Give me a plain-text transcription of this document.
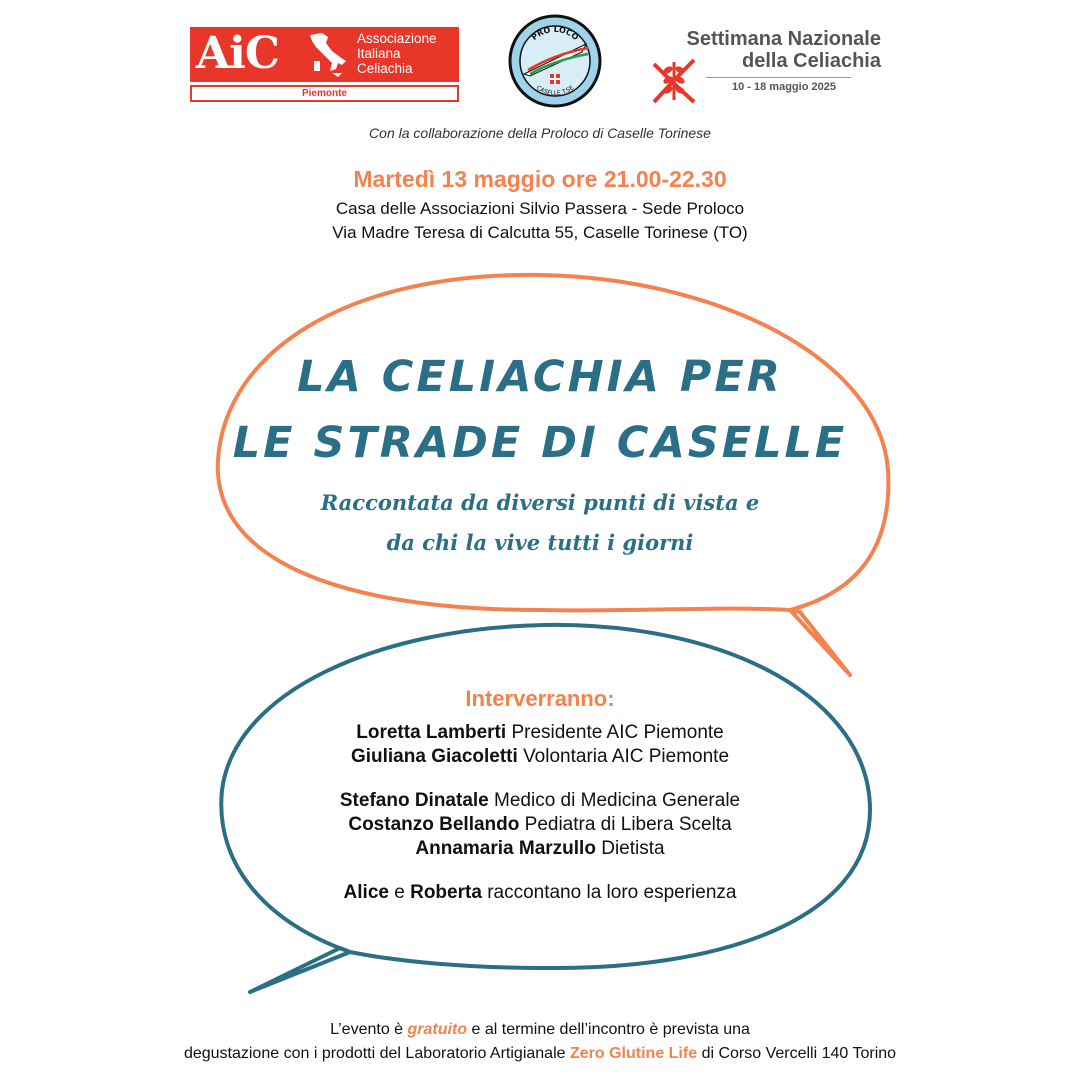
AiC	Associazione
Italiana
Celiachia
Piemonte
PRO LOCO
CASELLE T.SE
Settimana Nazionale
della Celiachia
10 - 18 maggio 2025
Con la collaborazione della Proloco di Caselle Torinese
Martedì 13 maggio ore 21.00-22.30
Casa delle Associazioni Silvio Passera - Sede Proloco
Via Madre Teresa di Calcutta 55, Caselle Torinese (TO)
LA CELIACHIA PER
LE STRADE DI CASELLE
Raccontata da diversi punti di vista e
da chi la vive tutti i giorni
Interverranno:
Loretta Lamberti Presidente AIC Piemonte
Giuliana Giacoletti Volontaria AIC Piemonte
Stefano Dinatale Medico di Medicina Generale
Costanzo Bellando Pediatra di Libera Scelta
Annamaria Marzullo Dietista
Alice e Roberta raccontano la loro esperienza
L’evento è gratuito e al termine dell’incontro è prevista una
degustazione con i prodotti del Laboratorio Artigianale Zero Glutine Life di Corso Vercelli 140 Torino
